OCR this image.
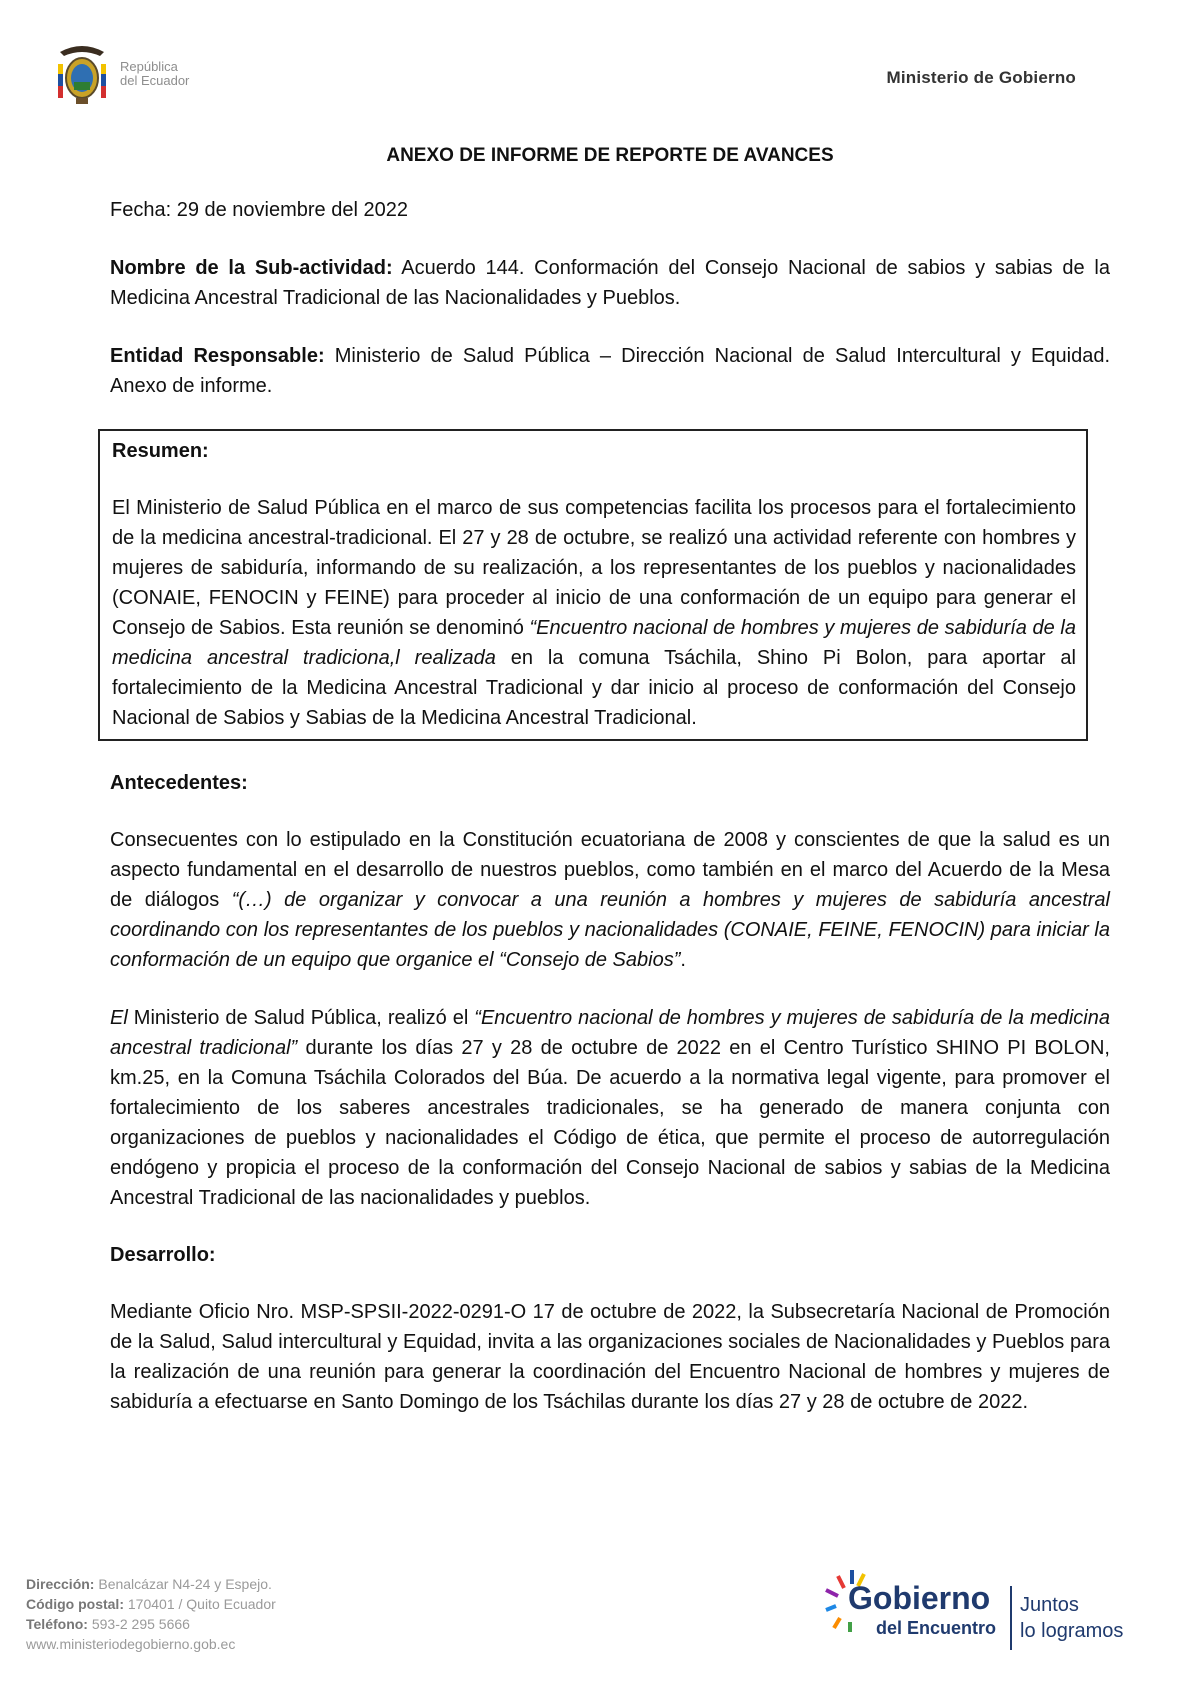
República
del Ecuador	Ministerio de Gobierno
ANEXO DE INFORME DE REPORTE DE AVANCES

Fecha: 29 de noviembre del 2022

Nombre de la Sub-actividad: Acuerdo 144. Conformación del Consejo Nacional de sabios y sabias de la Medicina Ancestral Tradicional de las Nacionalidades y Pueblos.

Entidad Responsable: Ministerio de Salud Pública – Dirección Nacional de Salud Intercultural y Equidad. Anexo de informe.

Resumen:

El Ministerio de Salud Pública en el marco de sus competencias facilita los procesos para el fortalecimiento de la medicina ancestral-tradicional. El 27 y 28 de octubre, se realizó una actividad referente con hombres y mujeres de sabiduría, informando de su realización, a los representantes de los pueblos y nacionalidades (CONAIE, FENOCIN y FEINE) para proceder al inicio de una conformación de un equipo para generar el Consejo de Sabios. Esta reunión se denominó “Encuentro nacional de hombres y mujeres de sabiduría de la medicina ancestral tradiciona,l realizada en la comuna Tsáchila, Shino Pi Bolon, para aportar al fortalecimiento de la Medicina Ancestral Tradicional y dar inicio al proceso de conformación del Consejo Nacional de Sabios y Sabias de la Medicina Ancestral Tradicional.

Antecedentes:

Consecuentes con lo estipulado en la Constitución ecuatoriana de 2008 y conscientes de que la salud es un aspecto fundamental en el desarrollo de nuestros pueblos, como también en el marco del Acuerdo de la Mesa de diálogos “(…) de organizar y convocar a una reunión a hombres y mujeres de sabiduría ancestral coordinando con los representantes de los pueblos y nacionalidades (CONAIE, FEINE, FENOCIN) para iniciar la conformación de un equipo que organice el “Consejo de Sabios”.

El Ministerio de Salud Pública, realizó el “Encuentro nacional de hombres y mujeres de sabiduría de la medicina ancestral tradicional” durante los días 27 y 28 de octubre de 2022 en el Centro Turístico SHINO PI BOLON, km.25, en la Comuna Tsáchila Colorados del Búa. De acuerdo a la normativa legal vigente, para promover el fortalecimiento de los saberes ancestrales tradicionales, se ha generado de manera conjunta con organizaciones de pueblos y nacionalidades el Código de ética, que permite el proceso de autorregulación endógeno y propicia el proceso de la conformación del Consejo Nacional de sabios y sabias de la Medicina Ancestral Tradicional de las nacionalidades y pueblos.

Desarrollo:

Mediante Oficio Nro. MSP-SPSII-2022-0291-O 17 de octubre de 2022, la Subsecretaría Nacional de Promoción de la Salud, Salud intercultural y Equidad, invita a las organizaciones sociales de Nacionalidades y Pueblos para la realización de una reunión para generar la coordinación del Encuentro Nacional de hombres y mujeres de sabiduría a efectuarse en Santo Domingo de los Tsáchilas durante los días 27 y 28 de octubre de 2022.

Dirección: Benalcázar N4-24 y Espejo.
Código postal: 170401 / Quito Ecuador
Teléfono: 593-2 295 5666
www.ministeriodegobierno.gob.ec
Gobierno
del Encuentro
Juntos
lo logramos
